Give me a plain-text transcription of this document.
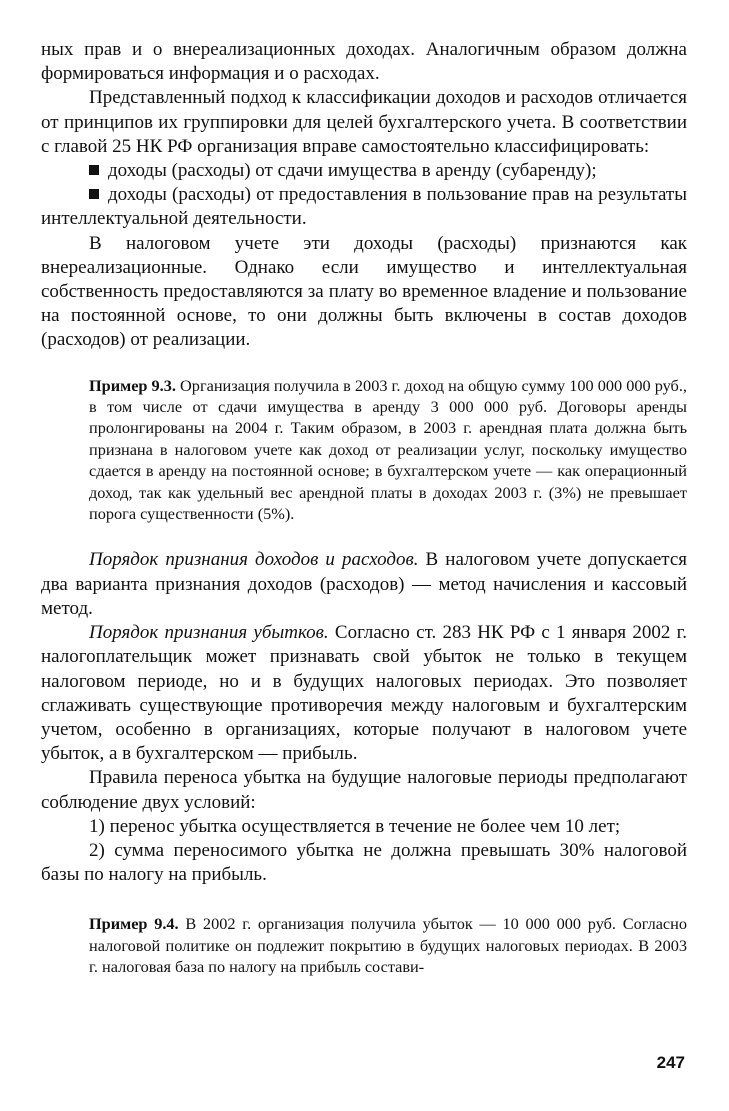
ных прав и о внереализационных доходах. Аналогичным образом должна формироваться информация и о расходах.

Представленный подход к классификации доходов и расходов отличается от принципов их группировки для целей бухгалтерского учета. В соответствии с главой 25 НК РФ организация вправе самостоятельно классифицировать:

доходы (расходы) от сдачи имущества в аренду (субаренду);

доходы (расходы) от предоставления в пользование прав на результаты интеллектуальной деятельности.

В налоговом учете эти доходы (расходы) признаются как внереализационные. Однако если имущество и интеллектуальная собственность предоставляются за плату во временное владение и пользование на постоянной основе, то они должны быть включены в состав доходов (расходов) от реализации.

Пример 9.3. Организация получила в 2003 г. доход на общую сумму 100 000 000 руб., в том числе от сдачи имущества в аренду 3 000 000 руб. Договоры аренды пролонгированы на 2004 г. Таким образом, в 2003 г. арендная плата должна быть признана в налоговом учете как доход от реализации услуг, поскольку имущество сдается в аренду на постоянной основе; в бухгалтерском учете — как операционный доход, так как удельный вес арендной платы в доходах 2003 г. (3%) не превышает порога существенности (5%).

Порядок признания доходов и расходов. В налоговом учете допускается два варианта признания доходов (расходов) — метод начисления и кассовый метод.

Порядок признания убытков. Согласно ст. 283 НК РФ с 1 января 2002 г. налогоплательщик может признавать свой убыток не только в текущем налоговом периоде, но и в будущих налоговых периодах. Это позволяет сглаживать существующие противоречия между налоговым и бухгалтерским учетом, особенно в организациях, которые получают в налоговом учете убыток, а в бухгалтерском — прибыль.

Правила переноса убытка на будущие налоговые периоды предполагают соблюдение двух условий:

1) перенос убытка осуществляется в течение не более чем 10 лет;

2) сумма переносимого убытка не должна превышать 30% налоговой базы по налогу на прибыль.

Пример 9.4. В 2002 г. организация получила убыток — 10 000 000 руб. Согласно налоговой политике он подлежит покрытию в будущих налоговых периодах. В 2003 г. налоговая база по налогу на прибыль состави-

247
